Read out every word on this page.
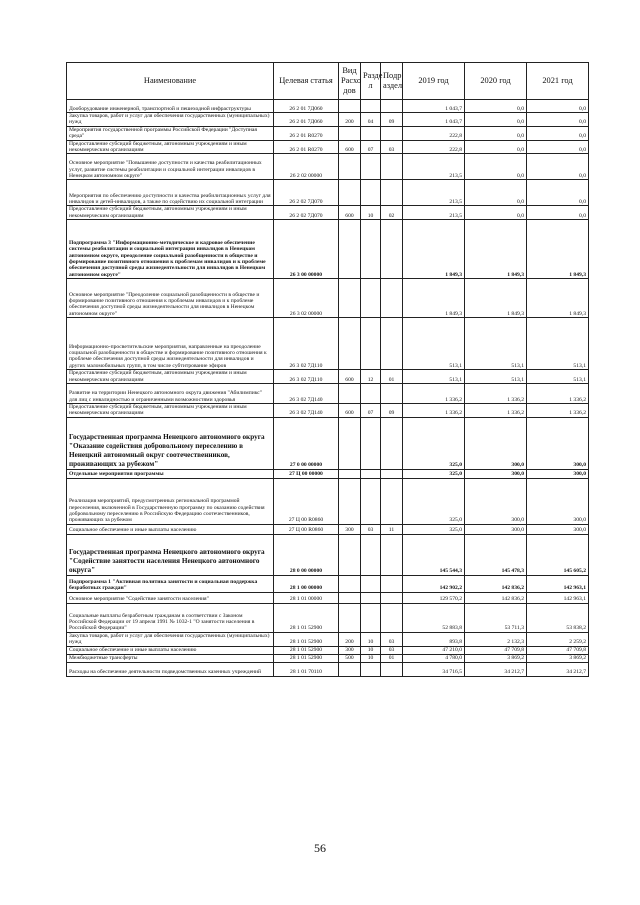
Наименование	Целевая статья	Вид Расхо дов	Разде л	Подр аздел	2019 год	2020 год	2021 год
Дооборудование инженерной, транспортной и пешеходной инфраструктуры	26 2 01 7Д060				1 043,7	0,0	0,0
Закупка товаров, работ и услуг для обеспечения государственных (муниципальных) нужд	26 2 01 7Д060	200	04	09	1 043,7	0,0	0,0
Мероприятия государственной программы Российской Федерации "Доступная среда"	26 2 01 R0270				222,8	0,0	0,0
Предоставление субсидий бюджетным, автономным учреждениям и иным некоммерческим организациям	26 2 01 R0270	600	07	03	222,8	0,0	0,0
Основное мероприятие "Повышение доступности и качества реабилитационных услуг, развитие системы реабилитации и социальной интеграции инвалидов в Ненецком автономном округе"	26 2 02 00000				213,5	0,0	0,0
Мероприятия по обеспечению доступности и качества реабилитационных услуг для инвалидов и детей-инвалидов, а также по содействию их социальной интеграции	26 2 02 7Д070				213,5	0,0	0,0
Предоставление субсидий бюджетным, автономным учреждениям и иным некоммерческим организациям	26 2 02 7Д070	600	10	02	213,5	0,0	0,0
Подпрограмма 3 "Информационно-методическое и кадровое обеспечение системы реабилитации и социальной интеграции инвалидов в Ненецком автономном округе, преодоление социальной разобщенности в обществе и формирование позитивного отношения к проблемам инвалидов и к проблеме обеспечения доступной среды жизнедеятельности для инвалидов в Ненецком автономном округе"	26 3 00 00000				1 849,3	1 849,3	1 849,3
Основное мероприятие "Преодоление социальной разобщенности в обществе и формирование позитивного отношения к проблемам инвалидов и к проблеме обеспечения доступной среды жизнедеятельности для инвалидов в Ненецком автономном округе"	26 3 02 00000				1 849,3	1 849,3	1 849,3
Информационно-просветительские мероприятия, направленные на преодоление социальной разобщенности в обществе и формирование позитивного отношения к проблеме обеспечения доступной среды жизнедеятельности для инвалидов и других маломобильных групп, в том числе субтитрование эфиров	26 3 02 7Д110				513,1	513,1	513,1
Предоставление субсидий бюджетным, автономным учреждениям и иным некоммерческим организациям	26 3 02 7Д110	600	12	01	513,1	513,1	513,1
Развитие на территории Ненецкого автономного округа движения "Абилимпикс" для лиц с инвалидностью и ограниченными возможностями здоровья	26 3 02 7Д140				1 336,2	1 336,2	1 336,2
Предоставление субсидий бюджетным, автономным учреждениям и иным некоммерческим организациям	26 3 02 7Д140	600	07	09	1 336,2	1 336,2	1 336,2
Государственная программа Ненецкого автономного округа "Оказание содействия добровольному переселению в Ненецкий автономный округ соотечественников, проживающих за рубежом"	27 0 00 00000				325,0	300,0	300,0
Отдельные мероприятия программы	27 Ц 00 00000				325,0	300,0	300,0
Реализация мероприятий, предусмотренных региональной программой переселения, включенной в Государственную программу по оказанию содействия добровольному переселению в Российскую Федерацию соотечественников, проживающих за рубежом	27 Ц 00 R0860				325,0	300,0	300,0
Социальное обеспечение и иные выплаты населению	27 Ц 00 R0860	300	03	11	325,0	300,0	300,0
Государственная программа Ненецкого автономного округа "Содействие занятости населения Ненецкого автономного округа"	28 0 00 00000				145 544,3	145 478,3	145 605,2
Подпрограмма 1 "Активная политика занятости и социальная поддержка безработных граждан"	28 1 00 00000				142 902,2	142 836,2	142 963,1
Основное мероприятие "Содействие занятости населения"	28 1 01 00000				129 570,2	142 836,2	142 963,1
Социальные выплаты безработным гражданам в соответствии с Законом Российской Федерации от 19 апреля 1991 № 1032-1 "О занятости населения в Российской Федерации"	28 1 01 52900				52 883,8	53 711,3	53 838,2
Закупка товаров, работ и услуг для обеспечения государственных (муниципальных) нужд	28 1 01 52900	200	10	03	893,8	2 132,3	2 259,2
Социальное обеспечение и иные выплаты населению	28 1 01 52900	300	10	03	47 210,0	47 709,8	47 709,8
Межбюджетные трансферты	28 1 01 52900	500	10	01	4 780,0	3 869,2	3 869,2
Расходы на обеспечение деятельности подведомственных казенных учреждений	28 1 01 70110				34 716,5	34 212,7	34 212,7
56
